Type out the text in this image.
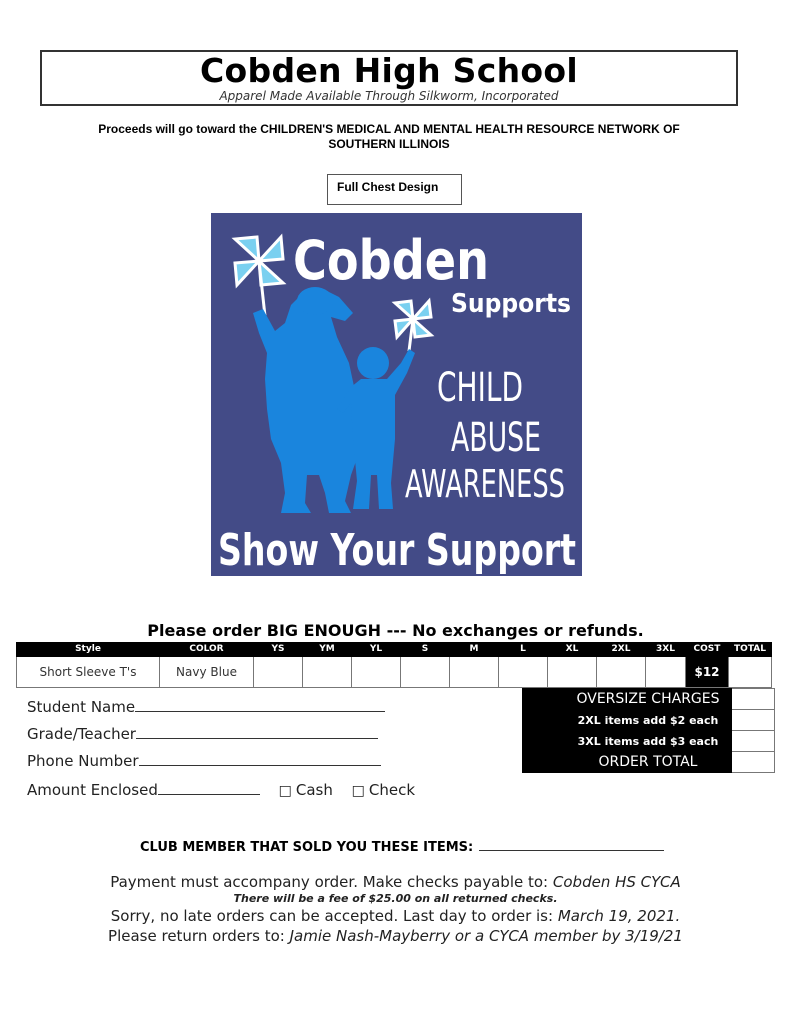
Cobden High School
Apparel Made Available Through Silkworm, Incorporated
Proceeds will go toward the CHILDREN'S MEDICAL AND MENTAL HEALTH RESOURCE NETWORK OF
SOUTHERN ILLINOIS
Full Chest Design
Cobden
Supports
CHILD
ABUSE
AWARENESS
Show Your Support
Please order BIG ENOUGH --- No exchanges or refunds.
Style	COLOR	YS	YM	YL	S	M	L	XL	2XL	3XL	COST	TOTAL
Short Sleeve T's	Navy Blue										$12	
Student Name
Grade/Teacher
Phone Number
Amount Enclosed	□ Cash □ Check
	OVERSIZE CHARGES	
	2XL items add $2 each	
	3XL items add $3 each	
	ORDER TOTAL	
CLUB MEMBER THAT SOLD YOU THESE ITEMS:
Payment must accompany order. Make checks payable to: Cobden HS CYCA
There will be a fee of $25.00 on all returned checks.
Sorry, no late orders can be accepted. Last day to order is: March 19, 2021.
Please return orders to: Jamie Nash-Mayberry or a CYCA member by 3/19/21
